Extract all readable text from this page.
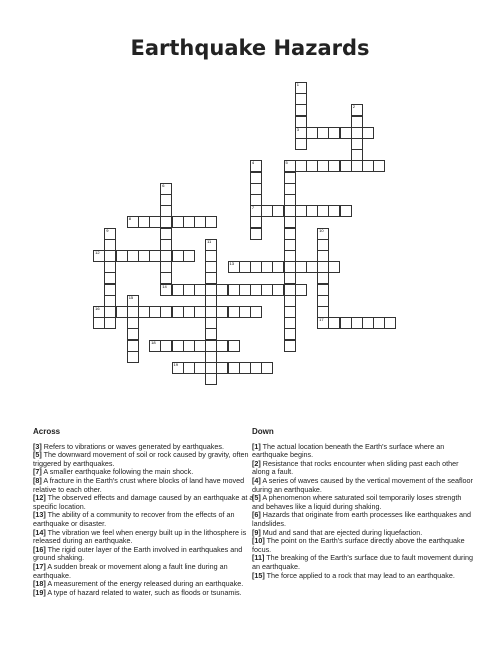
Earthquake Hazards
1
3
2
4
7
5
6
8
9
12
11
10
17
13
14
16
15
18
19
Across

[3] Refers to vibrations or waves generated by earthquakes.

[5] The downward movement of soil or rock caused by gravity, often triggered by earthquakes.

[7] A smaller earthquake following the main shock.

[8] A fracture in the Earth's crust where blocks of land have moved relative to each other.

[12] The observed effects and damage caused by an earthquake at a specific location.

[13] The ability of a community to recover from the effects of an earthquake or disaster.

[14] The vibration we feel when energy built up in the lithosphere is released during an earthquake.

[16] The rigid outer layer of the Earth involved in earthquakes and ground shaking.

[17] A sudden break or movement along a fault line during an earthquake.

[18] A measurement of the energy released during an earthquake.

[19] A type of hazard related to water, such as floods or tsunamis.

Down

[1] The actual location beneath the Earth's surface where an earthquake begins.

[2] Resistance that rocks encounter when sliding past each other along a fault.

[4] A series of waves caused by the vertical movement of the seafloor during an earthquake.

[5] A phenomenon where saturated soil temporarily loses strength and behaves like a liquid during shaking.

[6] Hazards that originate from earth processes like earthquakes and landslides.

[9] Mud and sand that are ejected during liquefaction.

[10] The point on the Earth's surface directly above the earthquake focus.

[11] The breaking of the Earth's surface due to fault movement during an earthquake.

[15] The force applied to a rock that may lead to an earthquake.
